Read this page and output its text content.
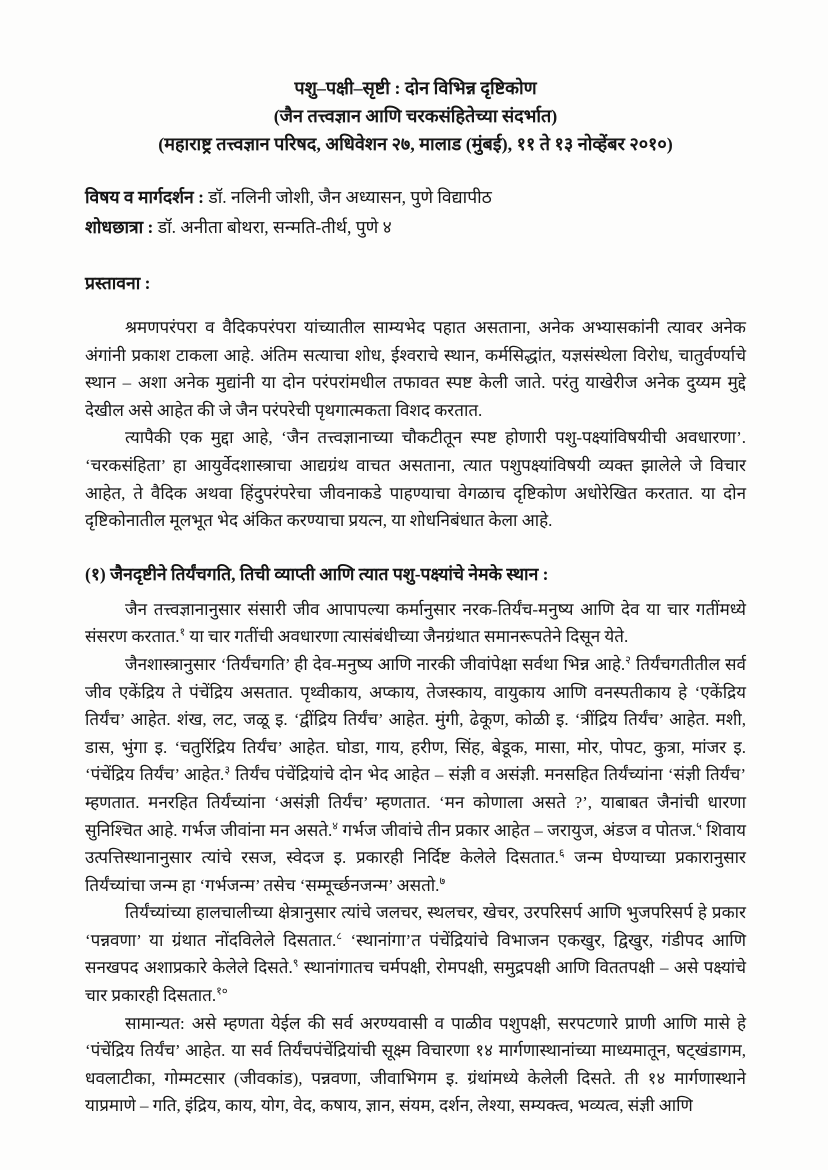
पशु–पक्षी–सृष्टी : दोन विभिन्न दृष्टिकोण
(जैन तत्त्वज्ञान आणि चरकसंहितेच्या संदर्भात)
(महाराष्ट्र तत्त्वज्ञान परिषद, अधिवेशन २७, मालाड (मुंबई), ११ ते १३ नोव्हेंबर २०१०)
विषय व मार्गदर्शन : डॉ. नलिनी जोशी, जैन अध्यासन, पुणे विद्यापीठ
शोधछात्रा : डॉ. अनीता बोथरा, सन्मति-तीर्थ, पुणे ४
प्रस्तावना :

श्रमणपरंपरा व वैदिकपरंपरा यांच्यातील साम्यभेद पहात असताना, अनेक अभ्यासकांनी त्यावर अनेक अंगांनी प्रकाश टाकला आहे. अंतिम सत्याचा शोध, ईश्वराचे स्थान, कर्मसिद्धांत, यज्ञसंस्थेला विरोध, चातुर्वर्ण्याचे स्थान – अशा अनेक मुद्यांनी या दोन परंपरांमधील तफावत स्पष्ट केली जाते. परंतु याखेरीज अनेक दुय्यम मुद्दे देखील असे आहेत की जे जैन परंपरेची पृथगात्मकता विशद करतात.

त्यापैकी एक मुद्दा आहे, ‘जैन तत्त्वज्ञानाच्या चौकटीतून स्पष्ट होणारी पशु-पक्ष्यांविषयीची अवधारणा’. ‘चरकसंहिता’ हा आयुर्वेदशास्त्राचा आद्यग्रंथ वाचत असताना, त्यात पशुपक्ष्यांविषयी व्यक्त झालेले जे विचार आहेत, ते वैदिक अथवा हिंदुपरंपरेचा जीवनाकडे पाहण्याचा वेगळाच दृष्टिकोण अधोरेखित करतात. या दोन दृष्टिकोनातील मूलभूत भेद अंकित करण्याचा प्रयत्न, या शोधनिबंधात केला आहे.

(१) जैनदृष्टीने तिर्यंचगति, तिची व्याप्ती आणि त्यात पशु-पक्ष्यांचे नेमके स्थान :

जैन तत्त्वज्ञानानुसार संसारी जीव आपापल्या कर्मानुसार नरक-तिर्यंच-मनुष्य आणि देव या चार गतींमध्ये संसरण करतात.$^१$ या चार गतींची अवधारणा त्यासंबंधीच्या जैनग्रंथात समानरूपतेने दिसून येते.

जैनशास्त्रानुसार ‘तिर्यंचगति’ ही देव-मनुष्य आणि नारकी जीवांपेक्षा सर्वथा भिन्न आहे.$^२$ तिर्यंचगतीतील सर्व जीव एकेंद्रिय ते पंचेंद्रिय असतात. पृथ्वीकाय, अप्काय, तेजस्काय, वायुकाय आणि वनस्पतीकाय हे ‘एकेंद्रिय तिर्यंच’ आहेत. शंख, लट, जळू इ. ‘द्वींद्रिय तिर्यंच’ आहेत. मुंगी, ढेकूण, कोळी इ. ‘त्रींद्रिय तिर्यंच’ आहेत. मशी, डास, भुंगा इ. ‘चतुरिंद्रिय तिर्यंच’ आहेत. घोडा, गाय, हरीण, सिंह, बेडूक, मासा, मोर, पोपट, कुत्रा, मांजर इ. ‘पंचेंद्रिय तिर्यंच’ आहेत.$^३$ तिर्यंच पंचेंद्रियांचे दोन भेद आहेत – संज्ञी व असंज्ञी. मनसहित तिर्यंच्यांना ‘संज्ञी तिर्यंच’ म्हणतात. मनरहित तिर्यंच्यांना ‘असंज्ञी तिर्यंच’ म्हणतात. ‘मन कोणाला असते ?’, याबाबत जैनांची धारणा सुनिश्चित आहे. गर्भज जीवांना मन असते.$^४$ गर्भज जीवांचे तीन प्रकार आहेत – जरायुज, अंडज व पोतज.$^५$ शिवाय उत्पत्तिस्थानानुसार त्यांचे रसज, स्वेदज इ. प्रकारही निर्दिष्ट केलेले दिसतात.$^६$ जन्म घेण्याच्या प्रकारानुसार तिर्यंच्यांचा जन्म हा ‘गर्भजन्म’ तसेच ‘सम्मूर्च्छनजन्म’ असतो.$^७$

तिर्यंच्यांच्या हालचालीच्या क्षेत्रानुसार त्यांचे जलचर, स्थलचर, खेचर, उरपरिसर्प आणि भुजपरिसर्प हे प्रकार ‘पन्नवणा’ या ग्रंथात नोंदविलेले दिसतात.$^८$ ‘स्थानांगा’त पंचेंद्रियांचे विभाजन एकखुर, द्विखुर, गंडीपद आणि सनखपद अशाप्रकारे केलेले दिसते.$^९$ स्थानांगातच चर्मपक्षी, रोमपक्षी, समुद्रपक्षी आणि विततपक्षी – असे पक्ष्यांचे चार प्रकारही दिसतात.$^{१०}$

सामान्यत: असे म्हणता येईल की सर्व अरण्यवासी व पाळीव पशुपक्षी, सरपटणारे प्राणी आणि मासे हे ‘पंचेंद्रिय तिर्यंच’ आहेत. या सर्व तिर्यंचपंचेंद्रियांची सूक्ष्म विचारणा १४ मार्गणास्थानांच्या माध्यमातून, षट्खंडागम, धवलाटीका, गोम्मटसार (जीवकांड), पन्नवणा, जीवाभिगम इ. ग्रंथांमध्ये केलेली दिसते. ती १४ मार्गणास्थाने याप्रमाणे – गति, इंद्रिय, काय, योग, वेद, कषाय, ज्ञान, संयम, दर्शन, लेश्या, सम्यक्त्व, भव्यत्व, संज्ञी आणि
